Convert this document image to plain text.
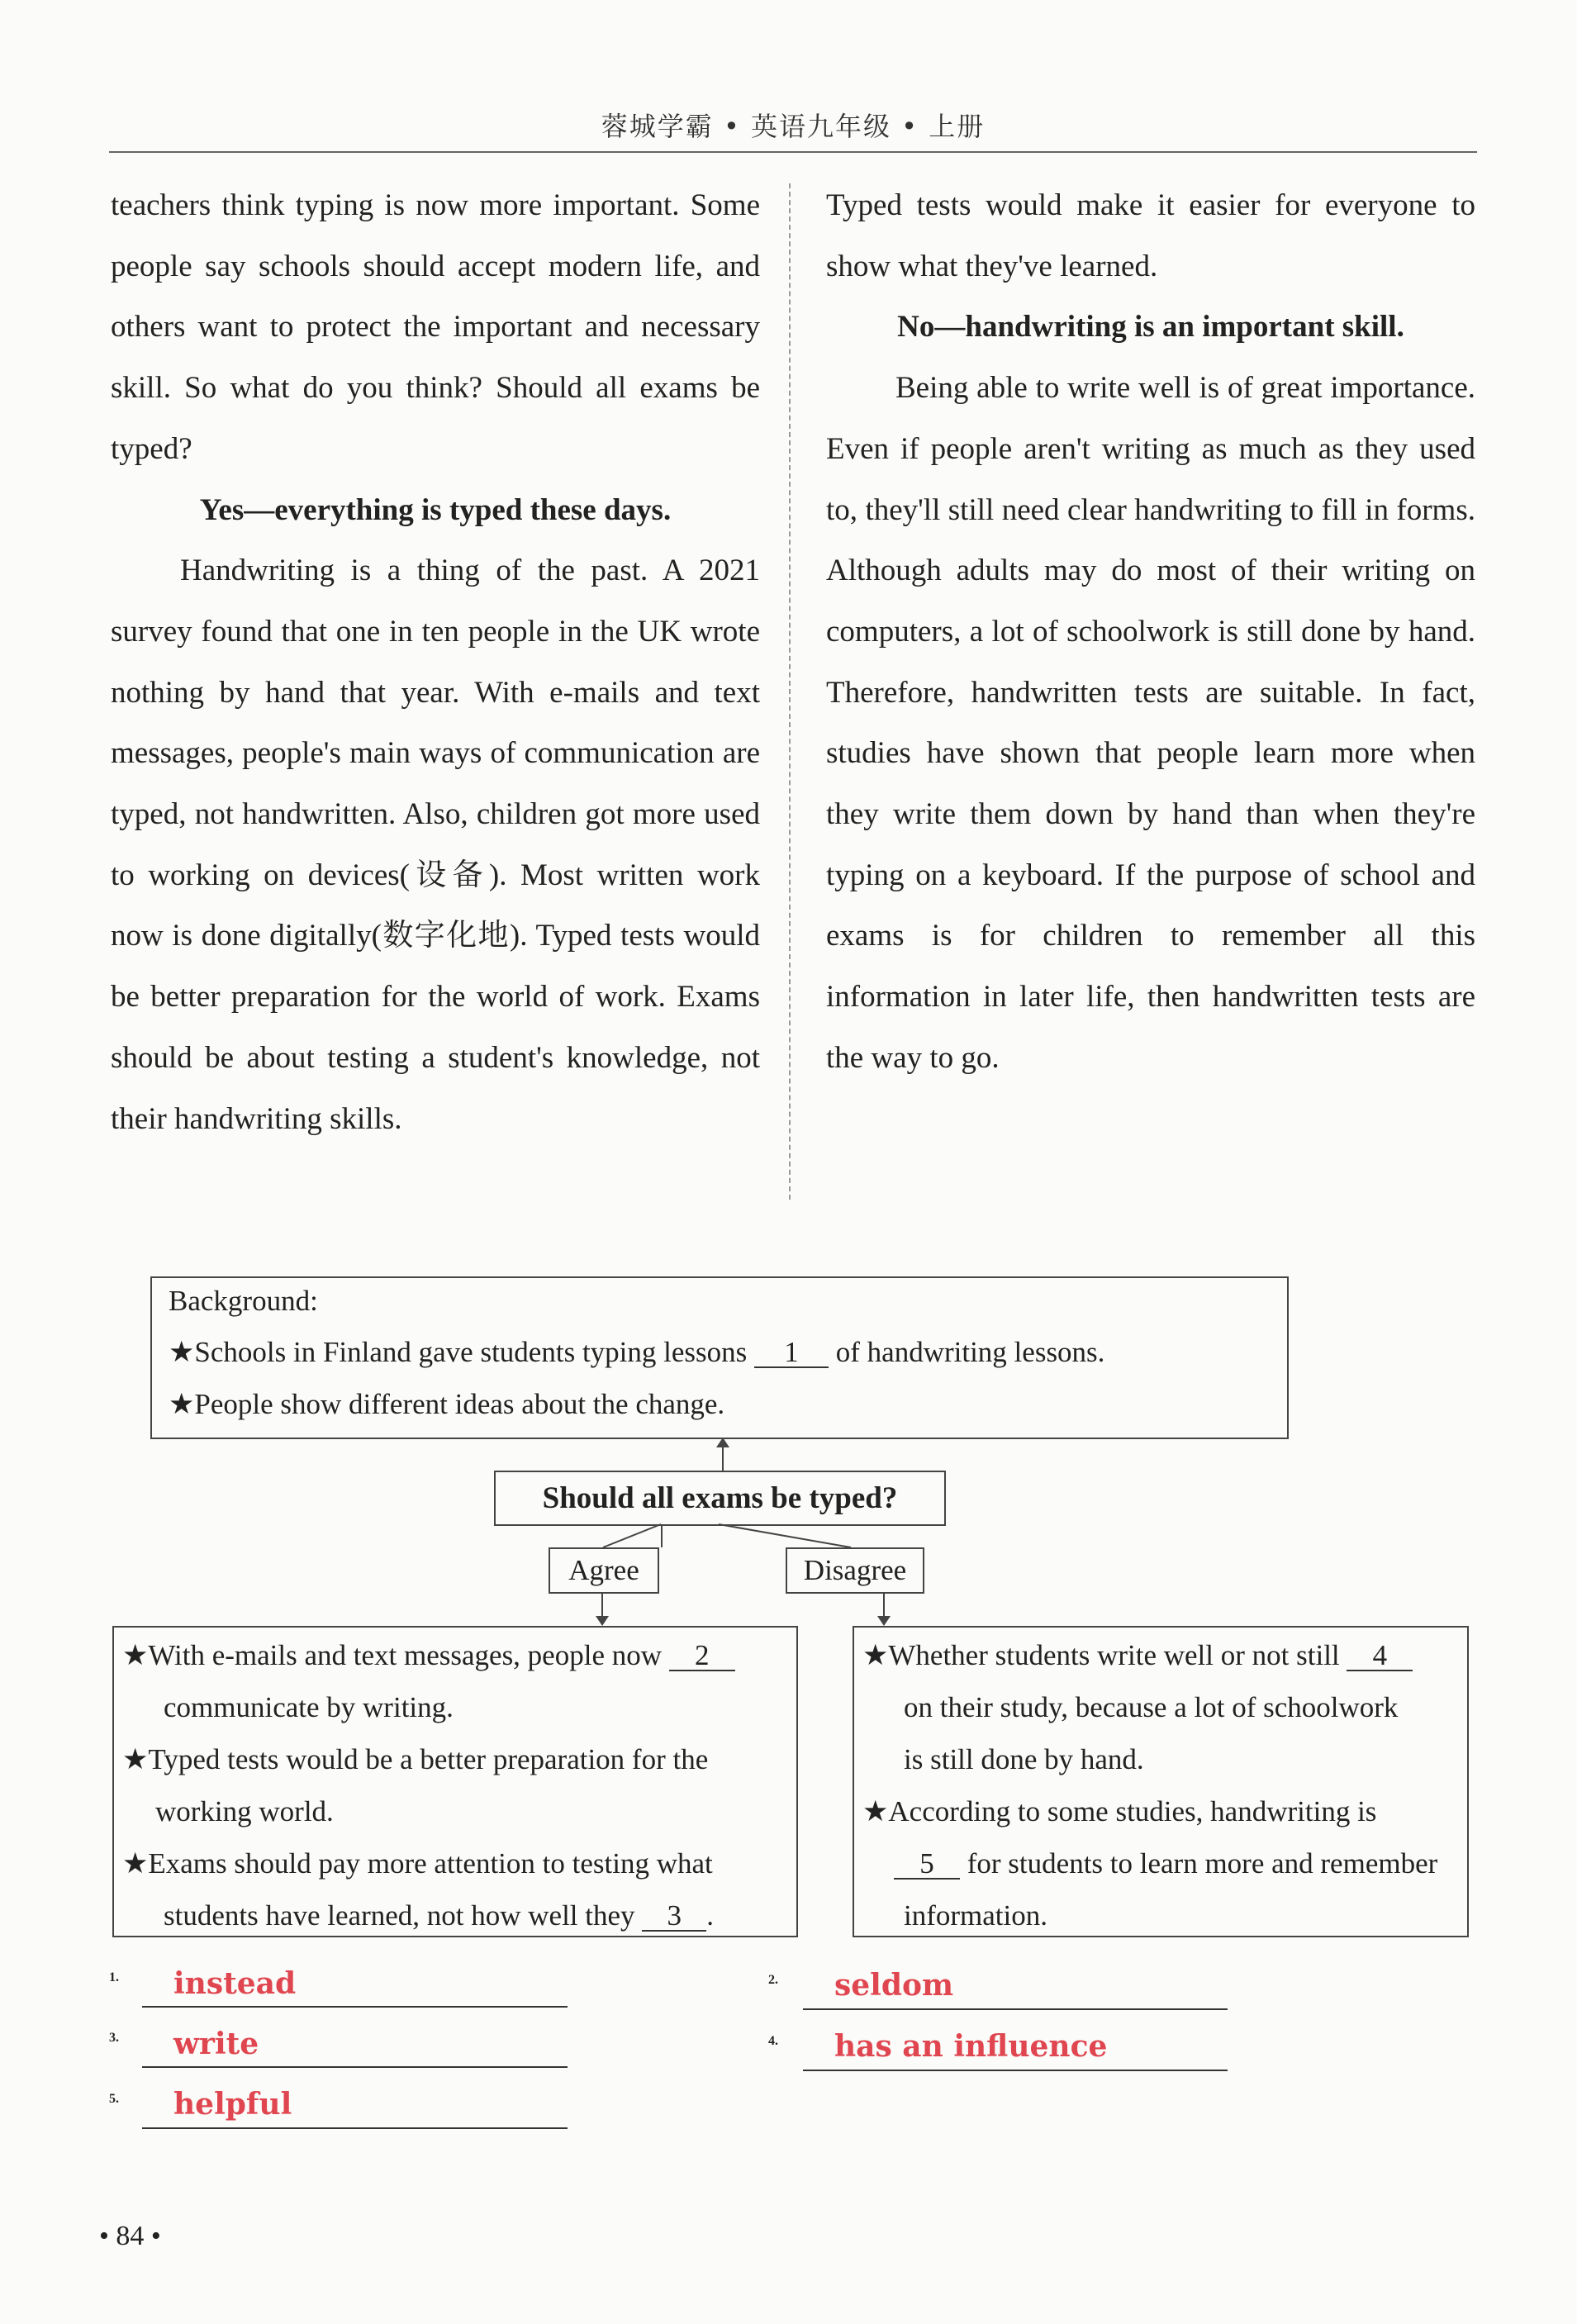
蓉城学霸 • 英语九年级 • 上册

teachers think typing is now more important. Some people say schools should accept modern life, and others want to protect the important and necessary skill. So what do you think? Should all exams be typed?

Yes—everything is typed these days.

Handwriting is a thing of the past. A 2021 survey found that one in ten people in the UK wrote nothing by hand that year. With e-mails and text messages, people's main ways of communication are typed, not handwritten. Also, children got more used to working on devices(设备). Most written work now is done digitally(数字化地). Typed tests would be better preparation for the world of work. Exams should be about testing a student's knowledge, not their handwriting skills.

Typed tests would make it easier for everyone to show what they've learned.

No—handwriting is an important skill.

Being able to write well is of great importance. Even if people aren't writing as much as they used to, they'll still need clear handwriting to fill in forms. Although adults may do most of their writing on computers, a lot of schoolwork is still done by hand. Therefore, handwritten tests are suitable. In fact, studies have shown that people learn more when they write them down by hand than when they're typing on a keyboard. If the purpose of school and exams is for children to remember all this information in later life, then handwritten tests are the way to go.

Background:
★Schools in Finland gave students typing lessons 1 of handwriting lessons.
★People show different ideas about the change.
Should all exams be typed?
Agree	Disagree
★With e-mails and text messages, people now 2
communicate by writing.
★Typed tests would be a better preparation for the
working world.
★Exams should pay more attention to testing what
students have learned, not how well they 3 .
★Whether students write well or not still 4
on their study, because a lot of schoolwork
is still done by hand.
★According to some studies, handwriting is
5 for students to learn more and remember
information.
1. instead	2. seldom
3. write	4. has an influence
5. helpful
• 84 •
